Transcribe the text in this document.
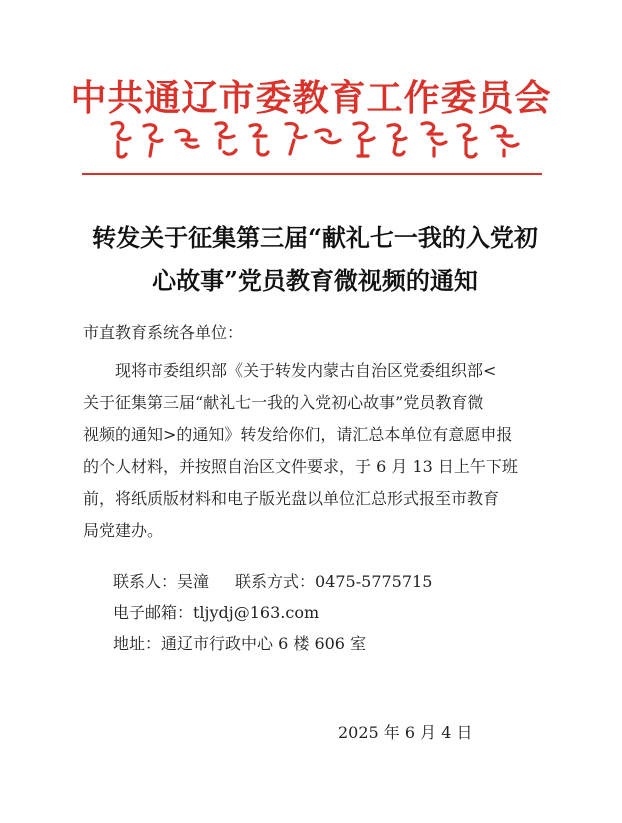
中共通辽市委教育工作委员会
转发关于征集第三届“献礼七一我的入党初
心故事”党员教育微视频的通知
市直教育系统各单位：
现将市委组织部《关于转发内蒙古自治区党委组织部<
关于征集第三届“献礼七一我的入党初心故事”党员教育微
视频的通知>的通知》转发给你们，请汇总本单位有意愿申报
的个人材料，并按照自治区文件要求，于 6 月 13 日上午下班
前，将纸质版材料和电子版光盘以单位汇总形式报至市教育
局党建办。
联系人：吴潼 联系方式：0475-5775715
电子邮箱：tljydj@163.com
地址：通辽市行政中心 6 楼 606 室
2025 年 6 月 4 日
